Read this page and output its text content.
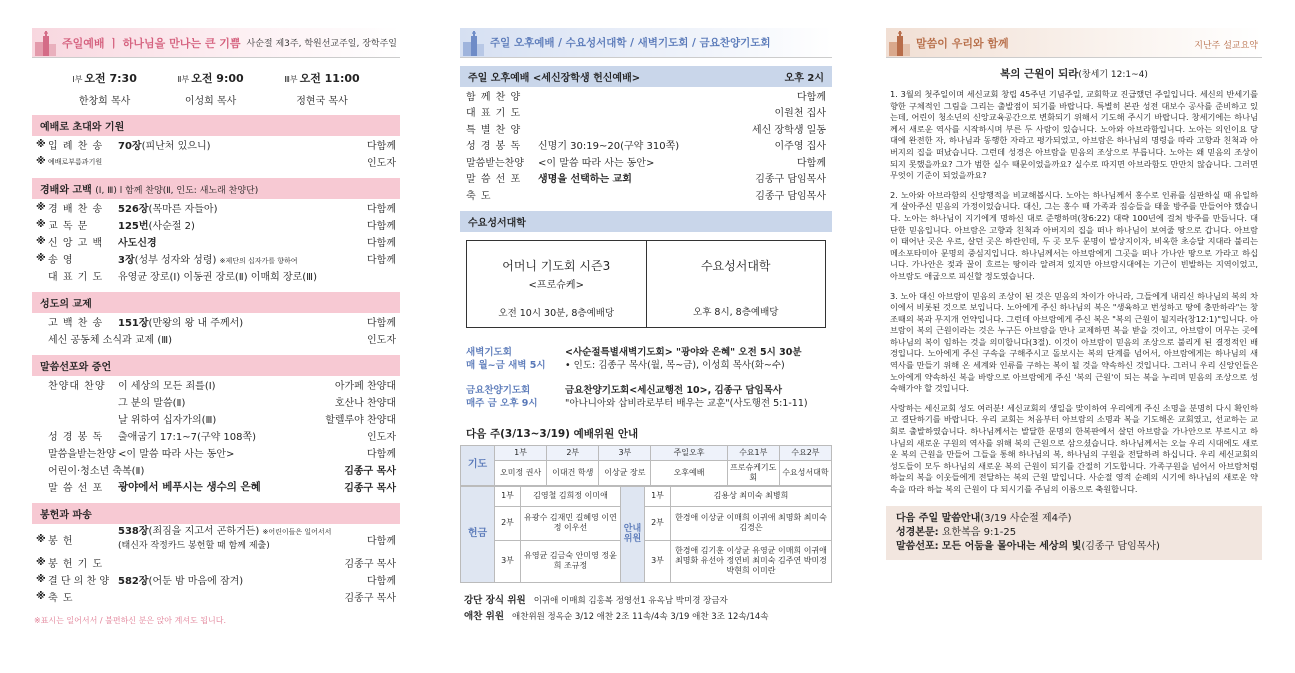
주일예배 ㅣ 하나님을 만나는 큰 기쁨 사순절 제3주, 학원선교주일, 장학주일
Ⅰ부 오전 7:30
한창희 목사
Ⅱ부 오전 9:00
이성희 목사
Ⅲ부 오전 11:00
정현국 목사
예배로 초대와 기원
※ 입 례 찬 송	70장(피난처 있으니)	다함께
※ 예배로부름과기원	인도자
경배와 고백 (Ⅰ, Ⅲ) l 함께 찬양(Ⅱ, 인도: 새노래 찬양단)
※ 경 배 찬 송	526장(목마른 자들아)	다함께
※ 교 독 문	125번(사순절 2)	다함께
※ 신 앙 고 백	사도신경	다함께
※ 송 영	3장(성부 성자와 성령) ※제단의 십자가를 향하여	다함께
대 표 기 도	유영균 장로(Ⅰ) 이동권 장로(Ⅱ) 이매희 장로(Ⅲ)
성도의 교제
고 백 찬 송	151장(만왕의 왕 내 주께서)	다함께
세신 공동체 소식과 교제 (Ⅲ)	인도자
말씀선포와 증언
찬양대 찬양	이 세상의 모든 죄를(Ⅰ)	아가페 찬양대
그 분의 말씀(Ⅱ)	호산나 찬양대
날 위하여 십자가의(Ⅲ)	할렐루야 찬양대
성 경 봉 독	출애굽기 17:1~7(구약 108쪽)	인도자
말씀을받는찬양 <이 말씀 따라 사는 동안>	다함께
어린이·청소년 축복(Ⅱ)	김종구 목사
말 씀 선 포	광야에서 베푸시는 생수의 은혜	김종구 목사
봉헌과 파송
※ 봉 헌
538장(죄짐을 지고서 곤하거든) ※어린이들은 일어서서
(태신자 작정카드 봉헌할 때 함께 제출)	다함께
※ 봉 헌 기 도	김종구 목사
※ 결 단 의 찬 양 582장(어둔 밤 마음에 잠겨)	다함께
※ 축 도	김종구 목사
※표시는 일어서서 / 불편하신 분은 앉아 계셔도 됩니다.
주일 오후예배 / 수요성서대학 / 새벽기도회 / 금요찬양기도회
주일 오후예배 <세신장학생 헌신예배>	오후 2시
함 께 찬 양	다함께
대 표 기 도	이원천 집사
특 별 찬 양	세신 장학생 일동
성 경 봉 독	신명기 30:19~20(구약 310쪽)	이주영 집사
말씀받는찬양	<이 말씀 따라 사는 동안>	다함께
말 씀 선 포	생명을 선택하는 교회	김종구 담임목사
축 도	김종구 담임목사
수요성서대학
어머니 기도회 시즌3
<프로슈케>
오전 10시 30분, 8층예배당
수요성서대학
오후 8시, 8층예배당
새벽기도회
매 월~금 새벽 5시
<사순절특별새벽기도회> "광야와 은혜" 오전 5시 30분
• 인도: 김종구 목사(월, 목~금), 이성희 목사(화~수)
금요찬양기도회
매주 금 오후 9시
금요찬양기도회<세신교행전 10>, 김종구 담임목사
"아나니아와 삽비라로부터 배우는 교훈"(사도행전 5:1-11)
다음 주(3/13~3/19) 예배위원 안내
기도	1부	2부	3부	주일오후	수요1부	수요2부
	오미정 권사	이대건 학생	이상균 장로	오후예배	프로슈케기도회	수요성서대학
헌금	1부	김영철 김희정 이미애	안내 위원	1부	김용상 최미숙 최병희
	2부	유광수 김재민 길혜영 이연정 이우선		2부	한경애 이상균 이매희 이귀애 최명화 최미숙 김경은
	3부	유영균 김금숙 안미영 정윤희 조규정		3부	한경애 김기훈 이상균 유영균 이매희 이귀애 최명화 유선아 정연비 최미숙 김주연 박미경 박현희 이미란
강단 장식 위원 이귀애 이매희 김홍복 정영선1 유옥남 박미경 장금자
애찬 위원 애찬위원 정옥순 3/12 애찬 2조 11속/4속 3/19 애찬 3조 12속/14속
말씀이 우리와 함께	지난주 설교요약
복의 근원이 되라(창세기 12:1~4)
1. 3월의 첫주일이며 세신교회 창립 45주년 기념주일, 교회학교 진급했던 주일입니다. 세신의 반세기를 향한 구체적인 그림을 그리는 출발점이 되기를 바랍니다. 특별히 본관 성전 대보수 공사를 준비하고 있는데, 어린이 청소년의 신앙교육공간으로 변화되기 위해서 기도해 주시기 바랍니다. 창세기에는 하나님께서 새로운 역사를 시작하시며 부른 두 사람이 있습니다. 노아와 아브라함입니다. 노아는 의인이요 당대에 완전한 자, 하나님과 동행한 자라고 평가되었고, 아브람은 하나님의 명령을 따라 고향과 친척과 아버지의 집을 떠났습니다. 그런데 성경은 아브람을 믿음의 조상으로 부릅니다. 노아는 왜 믿음의 조상이 되지 못했을까요? 그가 범한 실수 때문이었을까요? 실수로 따지면 아브라함도 만만치 않습니다. 그러면 무엇이 기준이 되었을까요?
2. 노아와 아브라함의 신앙행적을 비교해봅시다. 노아는 하나님께서 홍수로 인류를 심판하실 때 유일하게 살아주신 믿음의 가정이었습니다. 대신, 그는 홍수 때 가족과 짐승들을 태울 방주를 만들어야 했습니다. 노아는 하나님이 지기에게 명하신 대로 준행하며(창6:22) 대략 100년에 걸쳐 방주를 만듭니다. 대단한 믿음입니다. 아브람은 고향과 친척과 아버지의 집을 떠나 하나님이 보여줄 땅으로 갑니다. 아브람이 태어난 곳은 우르, 살던 곳은 하란인데, 두 곳 모두 문명이 발상지이자, 비옥한 초승달 지대라 불리는 메소포타미아 문명의 중심지입니다. 하나님께서는 아브람에게 그곳을 떠나 가나안 땅으로 가라고 하십니다. 가나안은 젖과 꿀이 흐르는 땅이라 알려져 있지만 아브람시대에는 기근이 빈발하는 지역이었고, 아브람도 애굽으로 피신할 정도였습니다.
3. 노아 대신 아브람이 믿음의 조상이 된 것은 믿음의 차이가 아니라, 그들에게 내리신 하나님의 복의 차이에서 비롯된 것으로 보입니다. 노아에게 주신 하나님의 복은 "생육하고 번성하고 땅에 충만하라"는 창조때의 복과 무지개 언약입니다. 그런데 아브람에게 주신 복은 "복의 근원이 될지라(창12:1)"입니다. 아브람이 복의 근원이라는 것은 누구든 아브람을 만나 교제하면 복을 받을 것이고, 아브람이 머무는 곳에 하나님의 복이 임하는 것을 의미합니다(3절). 이것이 아브람이 믿음의 조상으로 불리게 된 결정적인 배경입니다. 노아에게 주신 구속을 구해주시고 돌보시는 복의 단계를 넘어서, 아브람에게는 하나님의 새 역사를 만들기 위해 온 세계와 인류를 구하는 복이 될 것을 약속하신 것입니다. 그러니 우리 신앙인들은 노아에게 약속하신 복을 바랑으로 아브람에게 주신 '복의 근원'이 되는 복을 누리며 믿음의 조상으로 성숙해가야 할 것입니다.
사랑하는 세신교회 성도 여러분! 세신교회의 생일을 맞이하여 우리에게 주신 소명을 분명히 다시 확인하고 결단하기를 바랍니다. 우리 교회는 처음부터 아브람의 소명과 복을 기도해온 교회였고, 선교하는 교회로 출발하였습니다. 하나님께서는 발달한 문명의 한복판에서 살던 아브람을 가나안으로 부르시고 하나님의 새로운 구원의 역사를 위해 복의 근원으로 삼으셨습니다. 하나님께서는 오늘 우리 시대에도 새로운 복의 근원을 만들어 그들을 통해 하나님의 복, 하나님의 구원을 전달하려 하십니다. 우리 세신교회의 성도들이 모두 하나님의 새로운 복의 근원이 되기를 간절히 기도합니다. 가족구원을 넘어서 아브람처럼 하늘의 복을 이웃들에게 전달하는 복의 근원 말입니다. 사순절 영적 순례의 시기에 하나님의 새로운 약속을 따라 하늘 복의 근원이 다 되시기를 주님의 이름으로 축원합니다.
다음 주일 말씀안내(3/19 사순절 제4주)
성경본문: 요한복음 9:1-25
말씀선포: 모든 어둠을 몰아내는 세상의 빛(김종구 담임목사)
